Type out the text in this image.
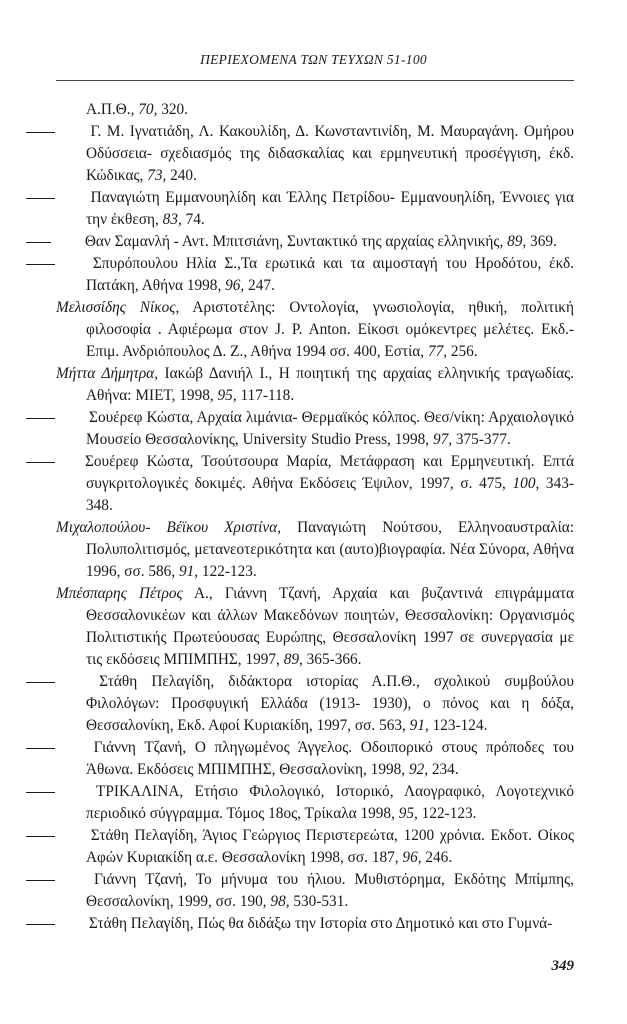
ΠΕΡΙΕΧΟΜΕΝΑ ΤΩΝ ΤΕΥΧΩΝ 51-100

Α.Π.Θ., 70, 320.

Γ. Μ. Ιγνατιάδη, Λ. Κακουλίδη, Δ. Κωνσταντινίδη, Μ. Μαυραγάνη. Ομήρου Οδύσσεια- σχεδιασμός της διδασκαλίας και ερμηνευτική προσέγγιση, έκδ. Κώδικας, 73, 240.

Παναγιώτη Εμμανουηλίδη και Έλλης Πετρίδου- Εμμανουηλίδη, Έννοιες για την έκθεση, 83, 74.

Θαν Σαμανλή - Αντ. Μπιτσιάνη, Συντακτικό της αρχαίας ελληνικής, 89, 369.

Σπυρόπουλου Ηλία Σ.,Τα ερωτικά και τα αιμοσταγή του Ηροδότου, έκδ. Πατάκη, Αθήνα 1998, 96, 247.

Μελισσίδης Νίκος, Αριστοτέλης: Οντολογία, γνωσιολογία, ηθική, πολιτική φιλοσοφία . Αφιέρωμα στον J. P. Anton. Είκοσι ομόκεντρες μελέτες. Εκδ.- Επιμ. Ανδριόπουλος Δ. Ζ., Αθήνα 1994 σσ. 400, Εστία, 77, 256.

Μήττα Δήμητρα, Ιακώβ Δανιήλ Ι., Η ποιητική της αρχαίας ελληνικής τραγωδίας. Αθήνα: ΜΙΕΤ, 1998, 95, 117-118.

Σουέρεφ Κώστα, Αρχαία λιμάνια- Θερμαϊκός κόλπος. Θεσ/νίκη: Αρχαιολογικό Μουσείο Θεσσαλονίκης, University Studio Press, 1998, 97, 375-377.

Σουέρεφ Κώστα, Τσούτσουρα Μαρία, Μετάφραση και Ερμηνευτική. Επτά συγκριτολογικές δοκιμές. Αθήνα Εκδόσεις Έψιλον, 1997, σ. 475, 100, 343-348.

Μιχαλοπούλου- Βέϊκου Χριστίνα, Παναγιώτη Νούτσου, Ελληνοαυστραλία: Πολυπολιτισμός, μετανεοτερικότητα και (αυτο)βιογραφία. Νέα Σύνορα, Αθήνα 1996, σσ. 586, 91, 122-123.

Μπέσπαρης Πέτρος Α., Γιάννη Τζανή, Αρχαία και βυζαντινά επιγράμματα Θεσσαλονικέων και άλλων Μακεδόνων ποιητών, Θεσσαλονίκη: Οργανισμός Πολιτιστικής Πρωτεύουσας Ευρώπης, Θεσσαλονίκη 1997 σε συνεργασία με τις εκδόσεις ΜΠΙΜΠΗΣ, 1997, 89, 365-366.

Στάθη Πελαγίδη, διδάκτορα ιστορίας Α.Π.Θ., σχολικού συμβούλου Φιλολόγων: Προσφυγική Ελλάδα (1913- 1930), ο πόνος και η δόξα, Θεσσαλονίκη, Εκδ. Αφοί Κυριακίδη, 1997, σσ. 563, 91, 123-124.

Γιάννη Τζανή, Ο πληγωμένος Άγγελος. Οδοιπορικό στους πρόποδες του Άθωνα. Εκδόσεις ΜΠΙΜΠΗΣ, Θεσσαλονίκη, 1998, 92, 234.

ΤΡΙΚΑΛΙΝΑ, Ετήσιο Φιλολογικό, Ιστορικό, Λαογραφικό, Λογοτεχνικό περιοδικό σύγγραμμα. Τόμος 18ος, Τρίκαλα 1998, 95, 122-123.

Στάθη Πελαγίδη, Άγιος Γεώργιος Περιστερεώτα, 1200 χρόνια. Εκδοτ. Οίκος Αφών Κυριακίδη α.ε. Θεσσαλονίκη 1998, σσ. 187, 96, 246.

Γιάννη Τζανή, Το μήνυμα του ήλιου. Μυθιστόρημα, Εκδότης Μπίμπης, Θεσσαλονίκη, 1999, σσ. 190, 98, 530-531.

Στάθη Πελαγίδη, Πώς θα διδάξω την Ιστορία στο Δημοτικό και στο Γυμνά-

349
